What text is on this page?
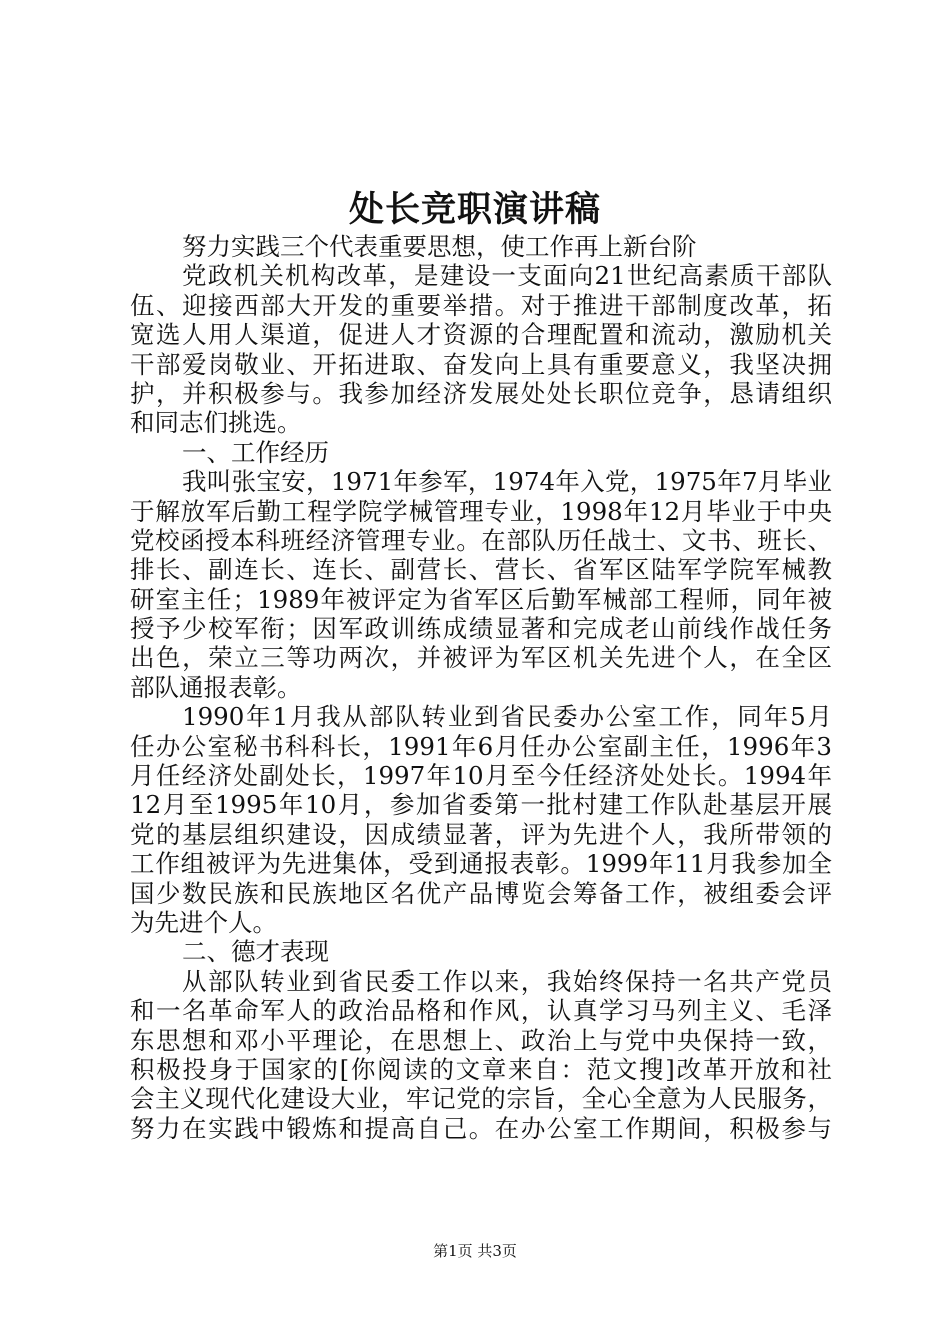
处长竞职演讲稿
努力实践三个代表重要思想，使工作再上新台阶
党政机关机构改革，是建设一支面向21世纪高素质干部队
伍、迎接西部大开发的重要举措。对于推进干部制度改革，拓
宽选人用人渠道，促进人才资源的合理配置和流动，激励机关
干部爱岗敬业、开拓进取、奋发向上具有重要意义，我坚决拥
护，并积极参与。我参加经济发展处处长职位竞争，恳请组织
和同志们挑选。
一、工作经历
我叫张宝安，1971年参军，1974年入党，1975年7月毕业
于解放军后勤工程学院学械管理专业，1998年12月毕业于中央
党校函授本科班经济管理专业。在部队历任战士、文书、班长、
排长、副连长、连长、副营长、营长、省军区陆军学院军械教
研室主任；1989年被评定为省军区后勤军械部工程师，同年被
授予少校军衔；因军政训练成绩显著和完成老山前线作战任务
出色，荣立三等功两次，并被评为军区机关先进个人，在全区
部队通报表彰。
1990年1月我从部队转业到省民委办公室工作，同年5月
任办公室秘书科科长，1991年6月任办公室副主任，1996年3
月任经济处副处长，1997年10月至今任经济处处长。1994年
12月至1995年10月，参加省委第一批村建工作队赴基层开展
党的基层组织建设，因成绩显著，评为先进个人，我所带领的
工作组被评为先进集体，受到通报表彰。1999年11月我参加全
国少数民族和民族地区名优产品博览会筹备工作，被组委会评
为先进个人。
二、德才表现
从部队转业到省民委工作以来，我始终保持一名共产党员
和一名革命军人的政治品格和作风，认真学习马列主义、毛泽
东思想和邓小平理论，在思想上、政治上与党中央保持一致，
积极投身于国家的[你阅读的文章来自：范文搜]改革开放和社
会主义现代化建设大业，牢记党的宗旨，全心全意为人民服务，
努力在实践中锻炼和提高自己。在办公室工作期间，积极参与
第1页 共3页
